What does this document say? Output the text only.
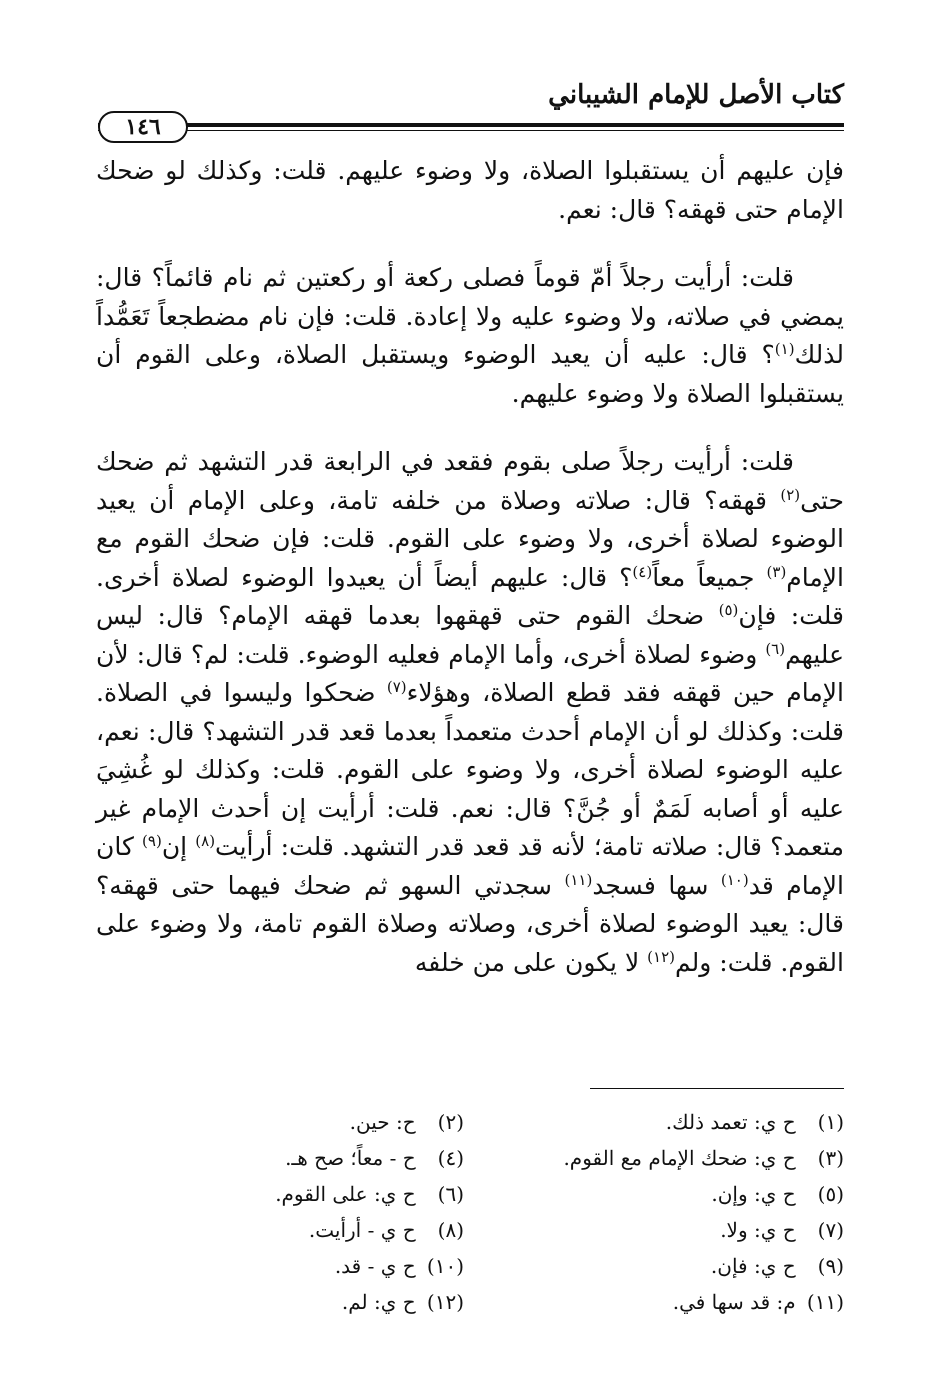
كتاب الأصل للإمام الشيباني
١٤٦

فإن عليهم أن يستقبلوا الصلاة، ولا وضوء عليهم. قلت: وكذلك لو ضحك الإمام حتى قهقه؟ قال: نعم.

قلت: أرأيت رجلاً أمّ قوماً فصلى ركعة أو ركعتين ثم نام قائماً؟ قال: يمضي في صلاته، ولا وضوء عليه ولا إعادة. قلت: فإن نام مضطجعاً تَعَمُّداً لذلك$^{(١)}$؟ قال: عليه أن يعيد الوضوء ويستقبل الصلاة، وعلى القوم أن يستقبلوا الصلاة ولا وضوء عليهم.

قلت: أرأيت رجلاً صلى بقوم فقعد في الرابعة قدر التشهد ثم ضحك حتى$^{(٢)}$ قهقه؟ قال: صلاته وصلاة من خلفه تامة، وعلى الإمام أن يعيد الوضوء لصلاة أخرى، ولا وضوء على القوم. قلت: فإن ضحك القوم مع الإمام$^{(٣)}$ جميعاً معاً$^{(٤)}$؟ قال: عليهم أيضاً أن يعيدوا الوضوء لصلاة أخرى. قلت: فإن$^{(٥)}$ ضحك القوم حتى قهقهوا بعدما قهقه الإمام؟ قال: ليس عليهم$^{(٦)}$ وضوء لصلاة أخرى، وأما الإمام فعليه الوضوء. قلت: لم؟ قال: لأن الإمام حين قهقه فقد قطع الصلاة، وهؤلاء$^{(٧)}$ ضحكوا وليسوا في الصلاة. قلت: وكذلك لو أن الإمام أحدث متعمداً بعدما قعد قدر التشهد؟ قال: نعم، عليه الوضوء لصلاة أخرى، ولا وضوء على القوم. قلت: وكذلك لو غُشِيَ عليه أو أصابه لَمَمٌ أو جُنَّ؟ قال: نعم. قلت: أرأيت إن أحدث الإمام غير متعمد؟ قال: صلاته تامة؛ لأنه قد قعد قدر التشهد. قلت: أرأيت$^{(٨)}$ إن$^{(٩)}$ كان الإمام قد$^{(١٠)}$ سها فسجد$^{(١١)}$ سجدتي السهو ثم ضحك فيهما حتى قهقه؟ قال: يعيد الوضوء لصلاة أخرى، وصلاته وصلاة القوم تامة، ولا وضوء على القوم. قلت: ولم$^{(١٢)}$ لا يكون على من خلفه

(١) ح ي: تعمد ذلك.
(٣) ح ي: ضحك الإمام مع القوم.
(٥) ح ي: وإن.
(٧) ح ي: ولا.
(٩) ح ي: فإن.
(١١) م: قد سها في.
(٢) ح: حين.
(٤) ح - معاً؛ صح هـ.
(٦) ح ي: على القوم.
(٨) ح ي - أرأيت.
(١٠) ح ي - قد.
(١٢) ح ي: لم.
